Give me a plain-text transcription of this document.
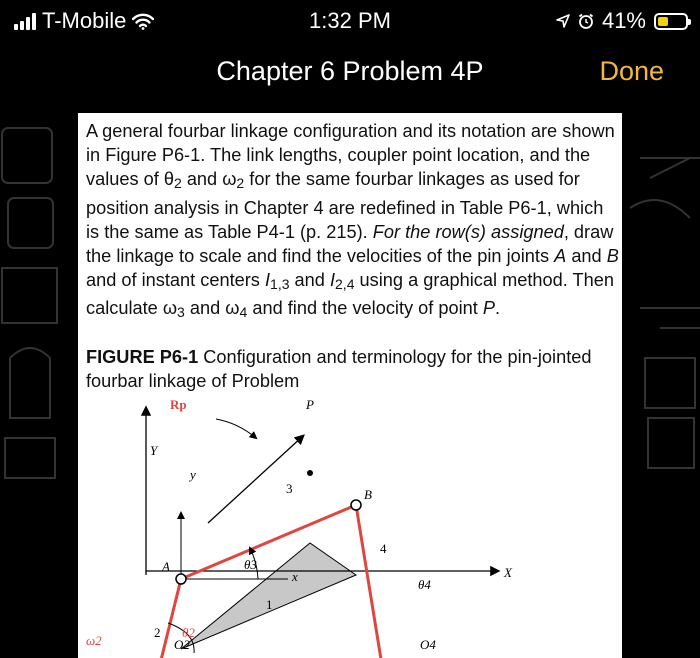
T-Mobile	1:32 PM	41%
Chapter 6 Problem 4P	Done
A general fourbar linkage configuration and its notation are shown in Figure P6-1. The link lengths, coupler point location, and the values of $\theta_2$ and $\omega_2$ for the same fourbar linkages as used for position analysis in Chapter 4 are redefined in Table P6-1, which is the same as Table P4-1 (p. 215). For the row(s) assigned, draw the linkage to scale and find the velocities of the pin joints A and B and of instant centers $I_{1,3}$ and $I_{2,4}$ using a graphical method. Then calculate $\omega_3$ and $\omega_4$ and find the velocity of point P.
FIGURE P6-1 Configuration and terminology for the pin-jointed fourbar linkage of Problem
Rp	P
Y
y
x	X
A
B
1
2
3
4
θ3
θ4
θ2
ω2	O2	O4
